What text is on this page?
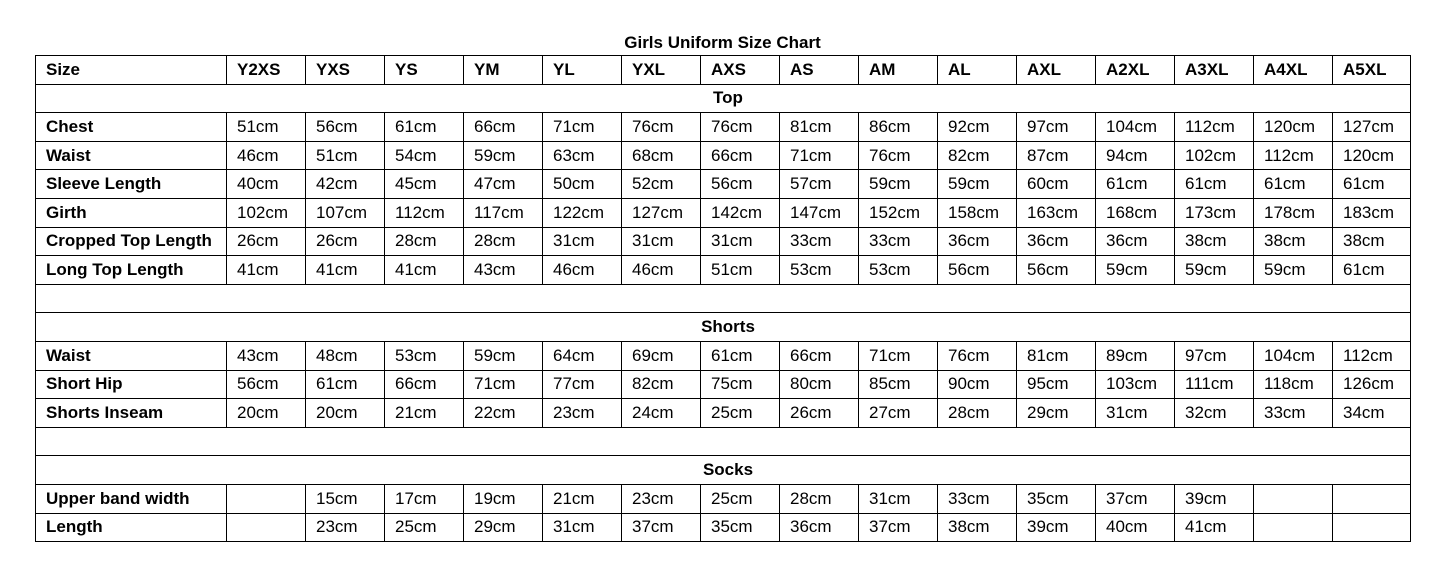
Girls Uniform Size Chart
Size	Y2XS	YXS	YS	YM	YL	YXL	AXS	AS	AM	AL	AXL	A2XL	A3XL	A4XL	A5XL
Top															
Chest	51cm	56cm	61cm	66cm	71cm	76cm	76cm	81cm	86cm	92cm	97cm	104cm	112cm	120cm	127cm
Waist	46cm	51cm	54cm	59cm	63cm	68cm	66cm	71cm	76cm	82cm	87cm	94cm	102cm	112cm	120cm
Sleeve Length	40cm	42cm	45cm	47cm	50cm	52cm	56cm	57cm	59cm	59cm	60cm	61cm	61cm	61cm	61cm
Girth	102cm	107cm	112cm	117cm	122cm	127cm	142cm	147cm	152cm	158cm	163cm	168cm	173cm	178cm	183cm
Cropped Top Length	26cm	26cm	28cm	28cm	31cm	31cm	31cm	33cm	33cm	36cm	36cm	36cm	38cm	38cm	38cm
Long Top Length	41cm	41cm	41cm	43cm	46cm	46cm	51cm	53cm	53cm	56cm	56cm	59cm	59cm	59cm	61cm

Shorts															
Waist	43cm	48cm	53cm	59cm	64cm	69cm	61cm	66cm	71cm	76cm	81cm	89cm	97cm	104cm	112cm
Short Hip	56cm	61cm	66cm	71cm	77cm	82cm	75cm	80cm	85cm	90cm	95cm	103cm	111cm	118cm	126cm
Shorts Inseam	20cm	20cm	21cm	22cm	23cm	24cm	25cm	26cm	27cm	28cm	29cm	31cm	32cm	33cm	34cm

Socks															
Upper band width		15cm	17cm	19cm	21cm	23cm	25cm	28cm	31cm	33cm	35cm	37cm	39cm		
Length		23cm	25cm	29cm	31cm	37cm	35cm	36cm	37cm	38cm	39cm	40cm	41cm		
